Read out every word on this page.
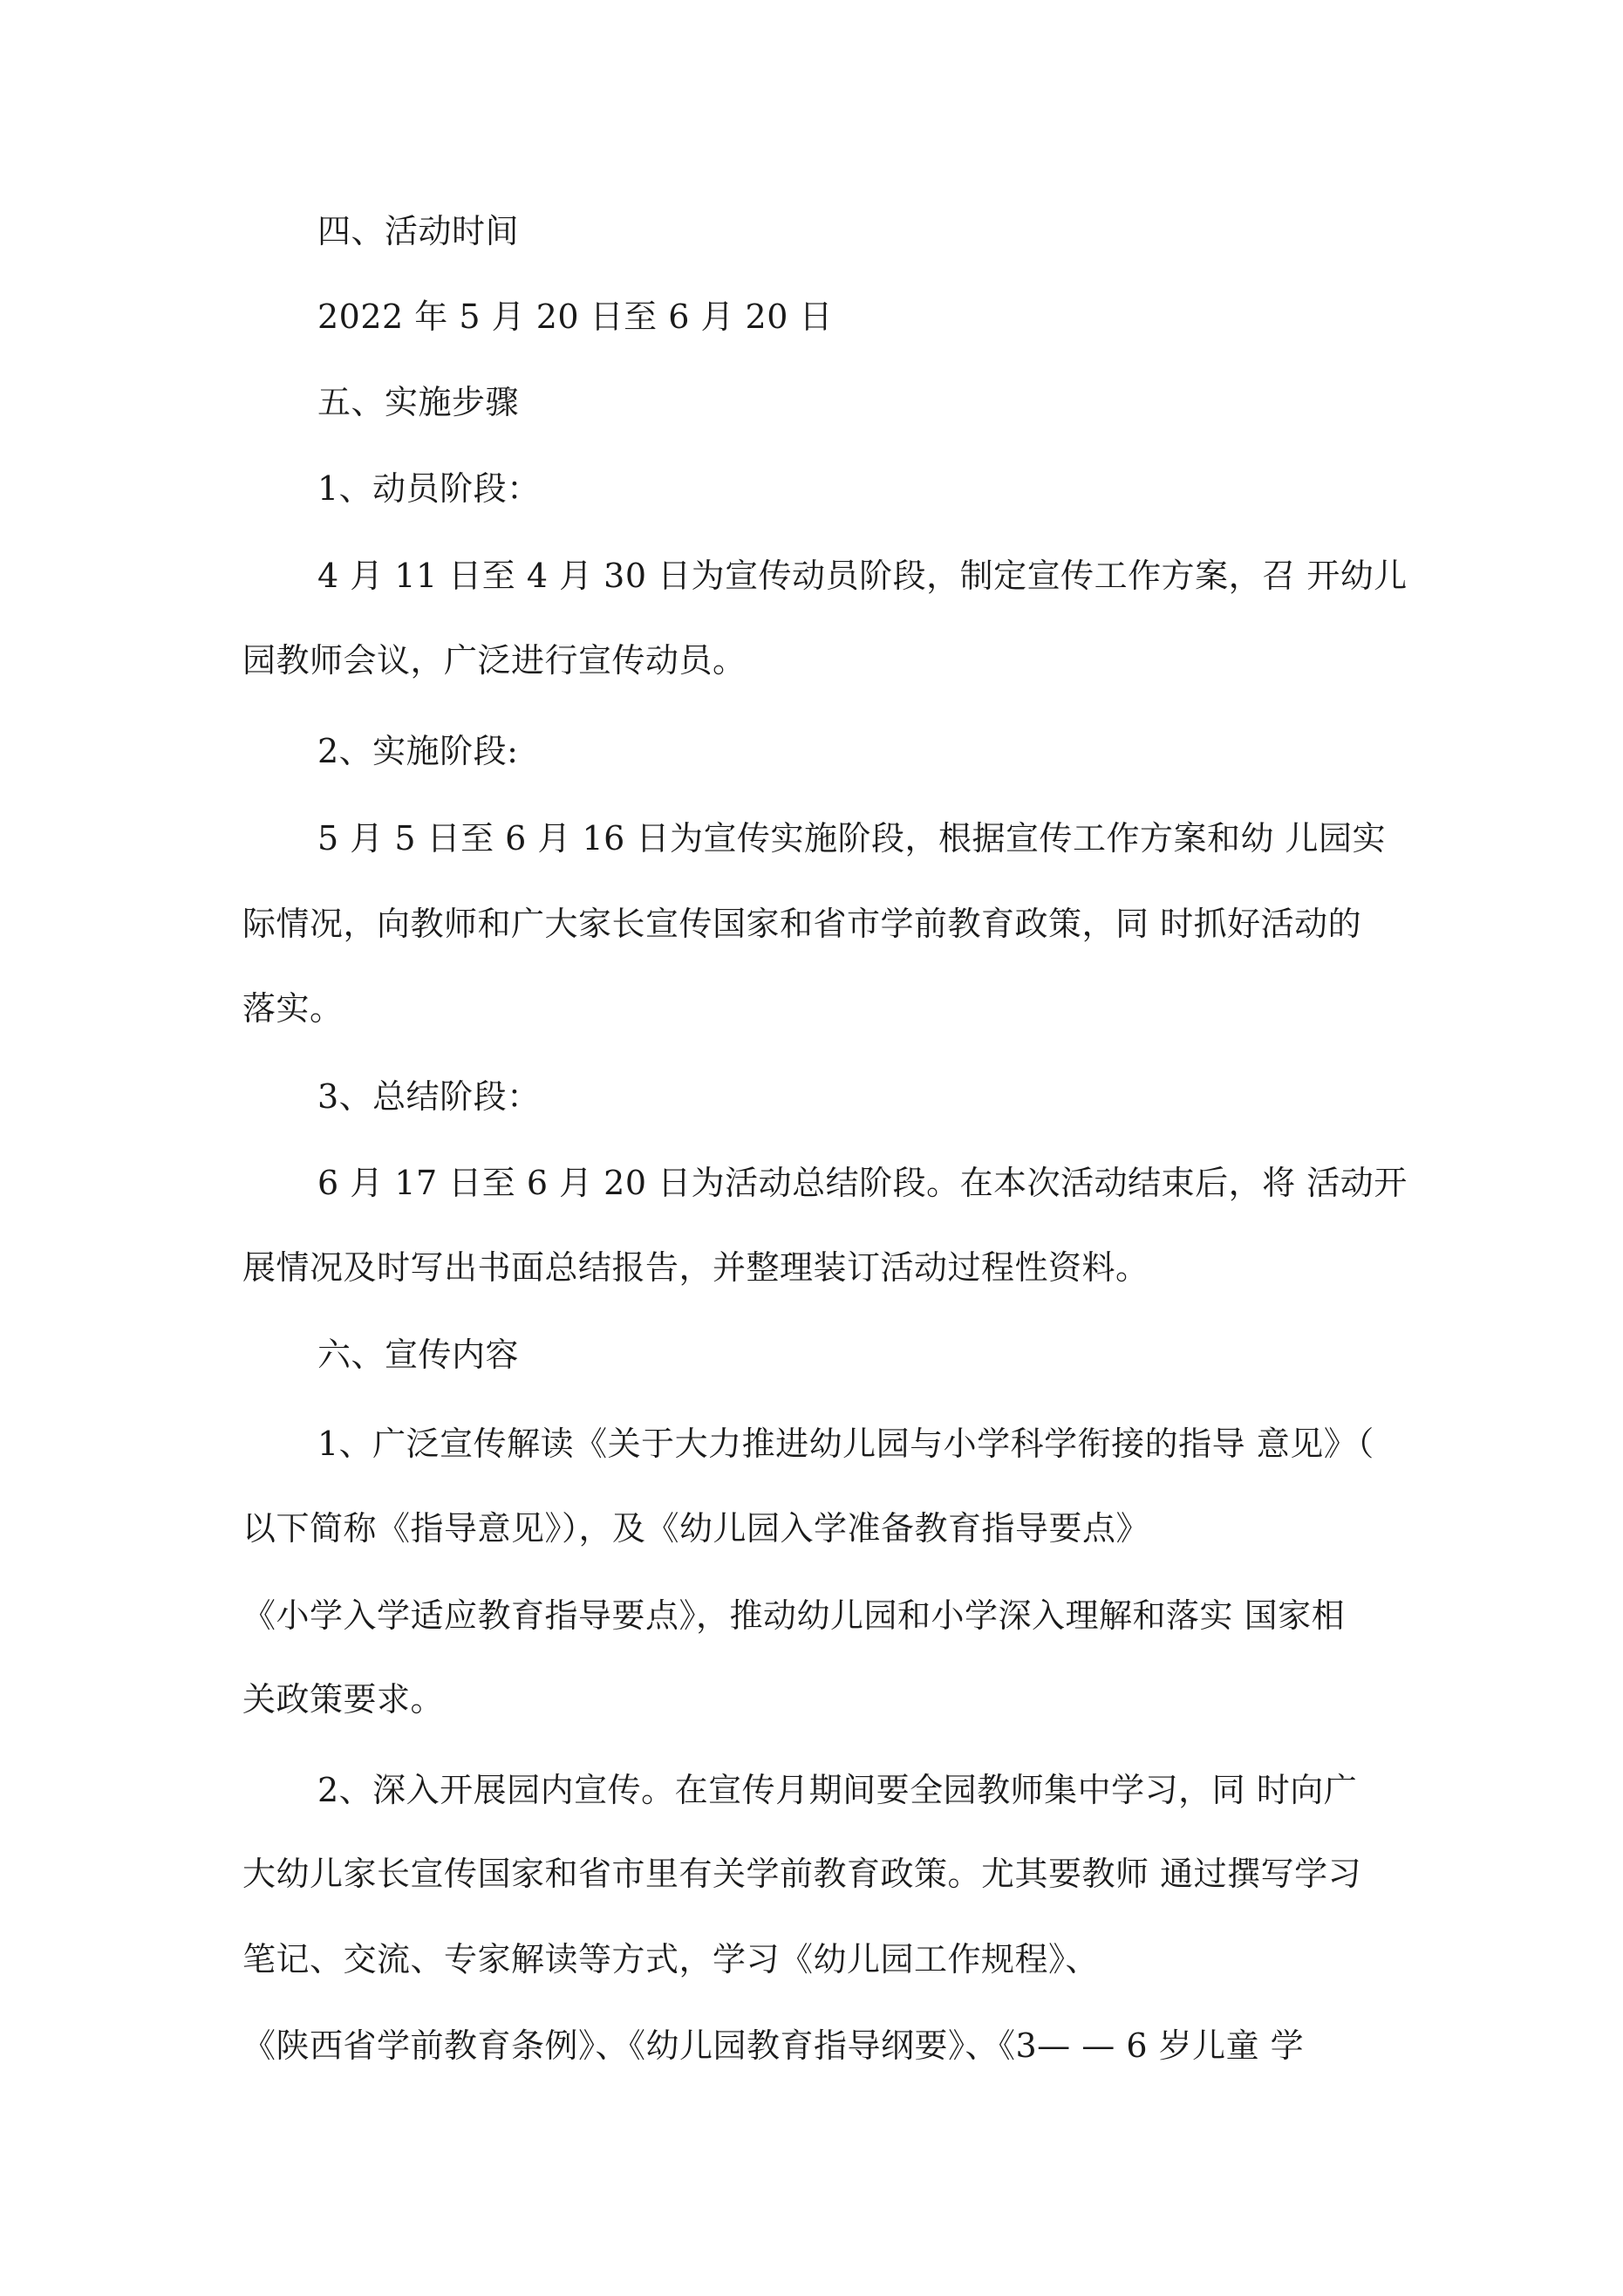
四、活动时间
2022 年 5 月 20 日至 6 月 20 日
五、实施步骤
1、动员阶段：
4 月 11 日至 4 月 30 日为宣传动员阶段，制定宣传工作方案，召 开幼儿
园教师会议，广泛进行宣传动员。
2、实施阶段:
5 月 5 日至 6 月 16 日为宣传实施阶段，根据宣传工作方案和幼 儿园实
际情况，向教师和广大家长宣传国家和省市学前教育政策，同 时抓好活动的
落实。
3、总结阶段：
6 月 17 日至 6 月 20 日为活动总结阶段。在本次活动结束后，将 活动开
展情况及时写出书面总结报告，并整理装订活动过程性资料。
六、宣传内容
1、广泛宣传解读《关于大力推进幼儿园与小学科学衔接的指导 意见》（
以下简称《指导意见》），及《幼儿园入学准备教育指导要点》
《小学入学适应教育指导要点》，推动幼儿园和小学深入理解和落实 国家相
关政策要求。
2、深入开展园内宣传。在宣传月期间要全园教师集中学习，同 时向广
大幼儿家长宣传国家和省市里有关学前教育政策。尤其要教师 通过撰写学习
笔记、交流、专家解读等方式，学习《幼儿园工作规程》、
《陕西省学前教育条例》、《幼儿园教育指导纲要》、《3— — 6 岁儿童 学
